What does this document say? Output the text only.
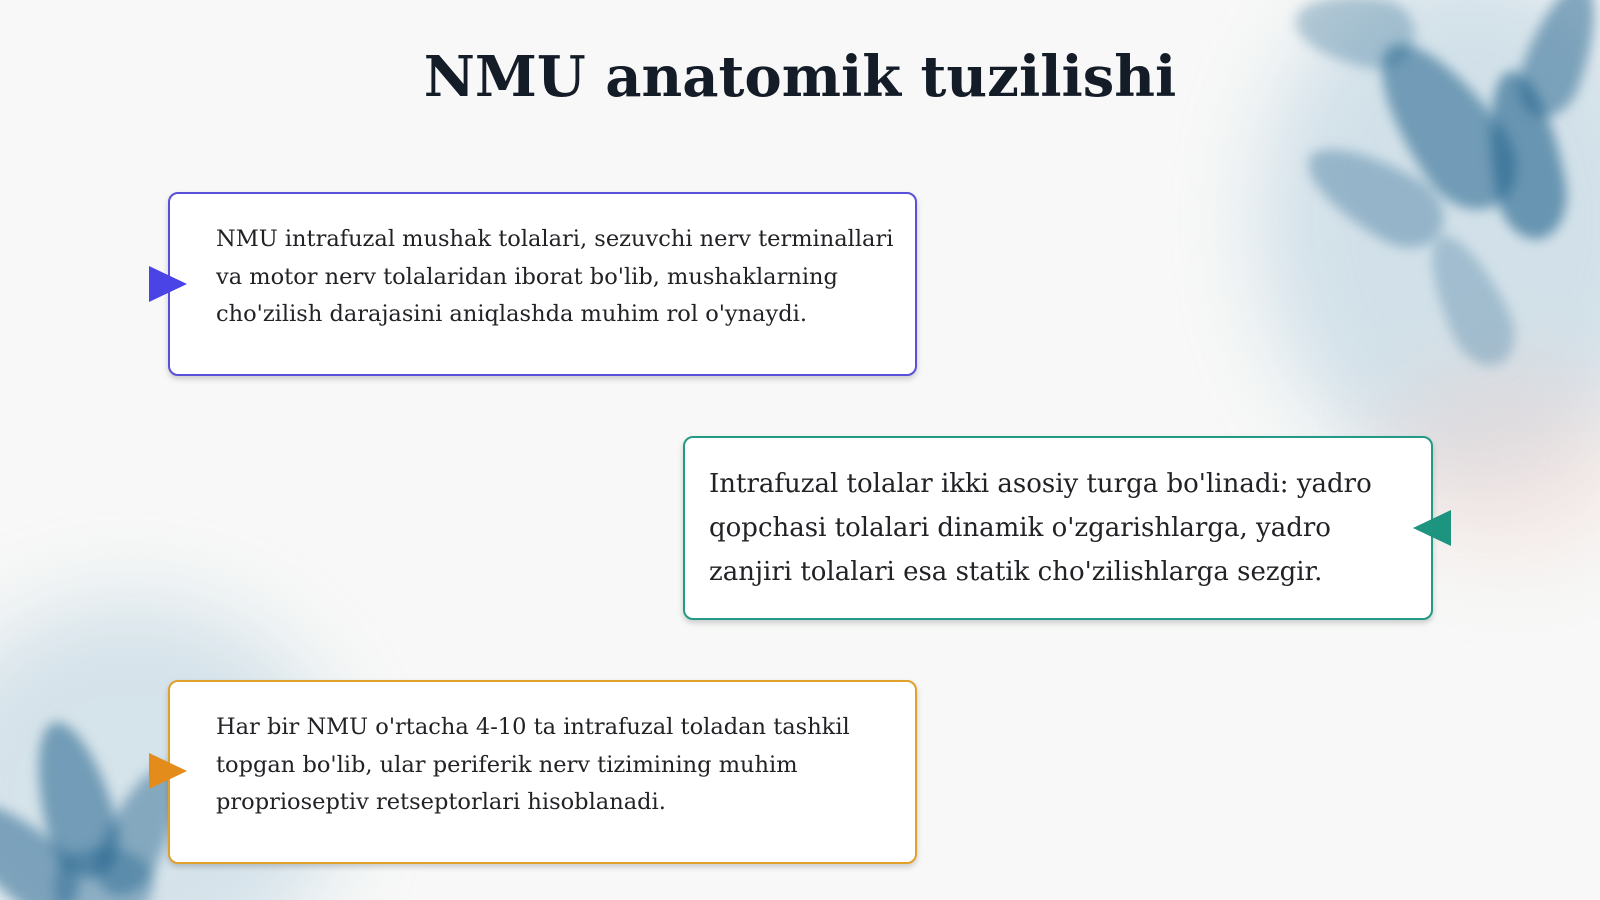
NMU anatomik tuzilishi

NMU intrafuzal mushak tolalari, sezuvchi nerv terminallari va motor nerv tolalaridan iborat bo'lib, mushaklarning cho'zilish darajasini aniqlashda muhim rol o'ynaydi.

Intrafuzal tolalar ikki asosiy turga bo'linadi: yadro qopchasi tolalari dinamik o'zgarishlarga, yadro zanjiri tolalari esa statik cho'zilishlarga sezgir.

Har bir NMU o'rtacha 4-10 ta intrafuzal toladan tashkil topgan bo'lib, ular periferik nerv tizimining muhim proprioseptiv retseptorlari hisoblanadi.
